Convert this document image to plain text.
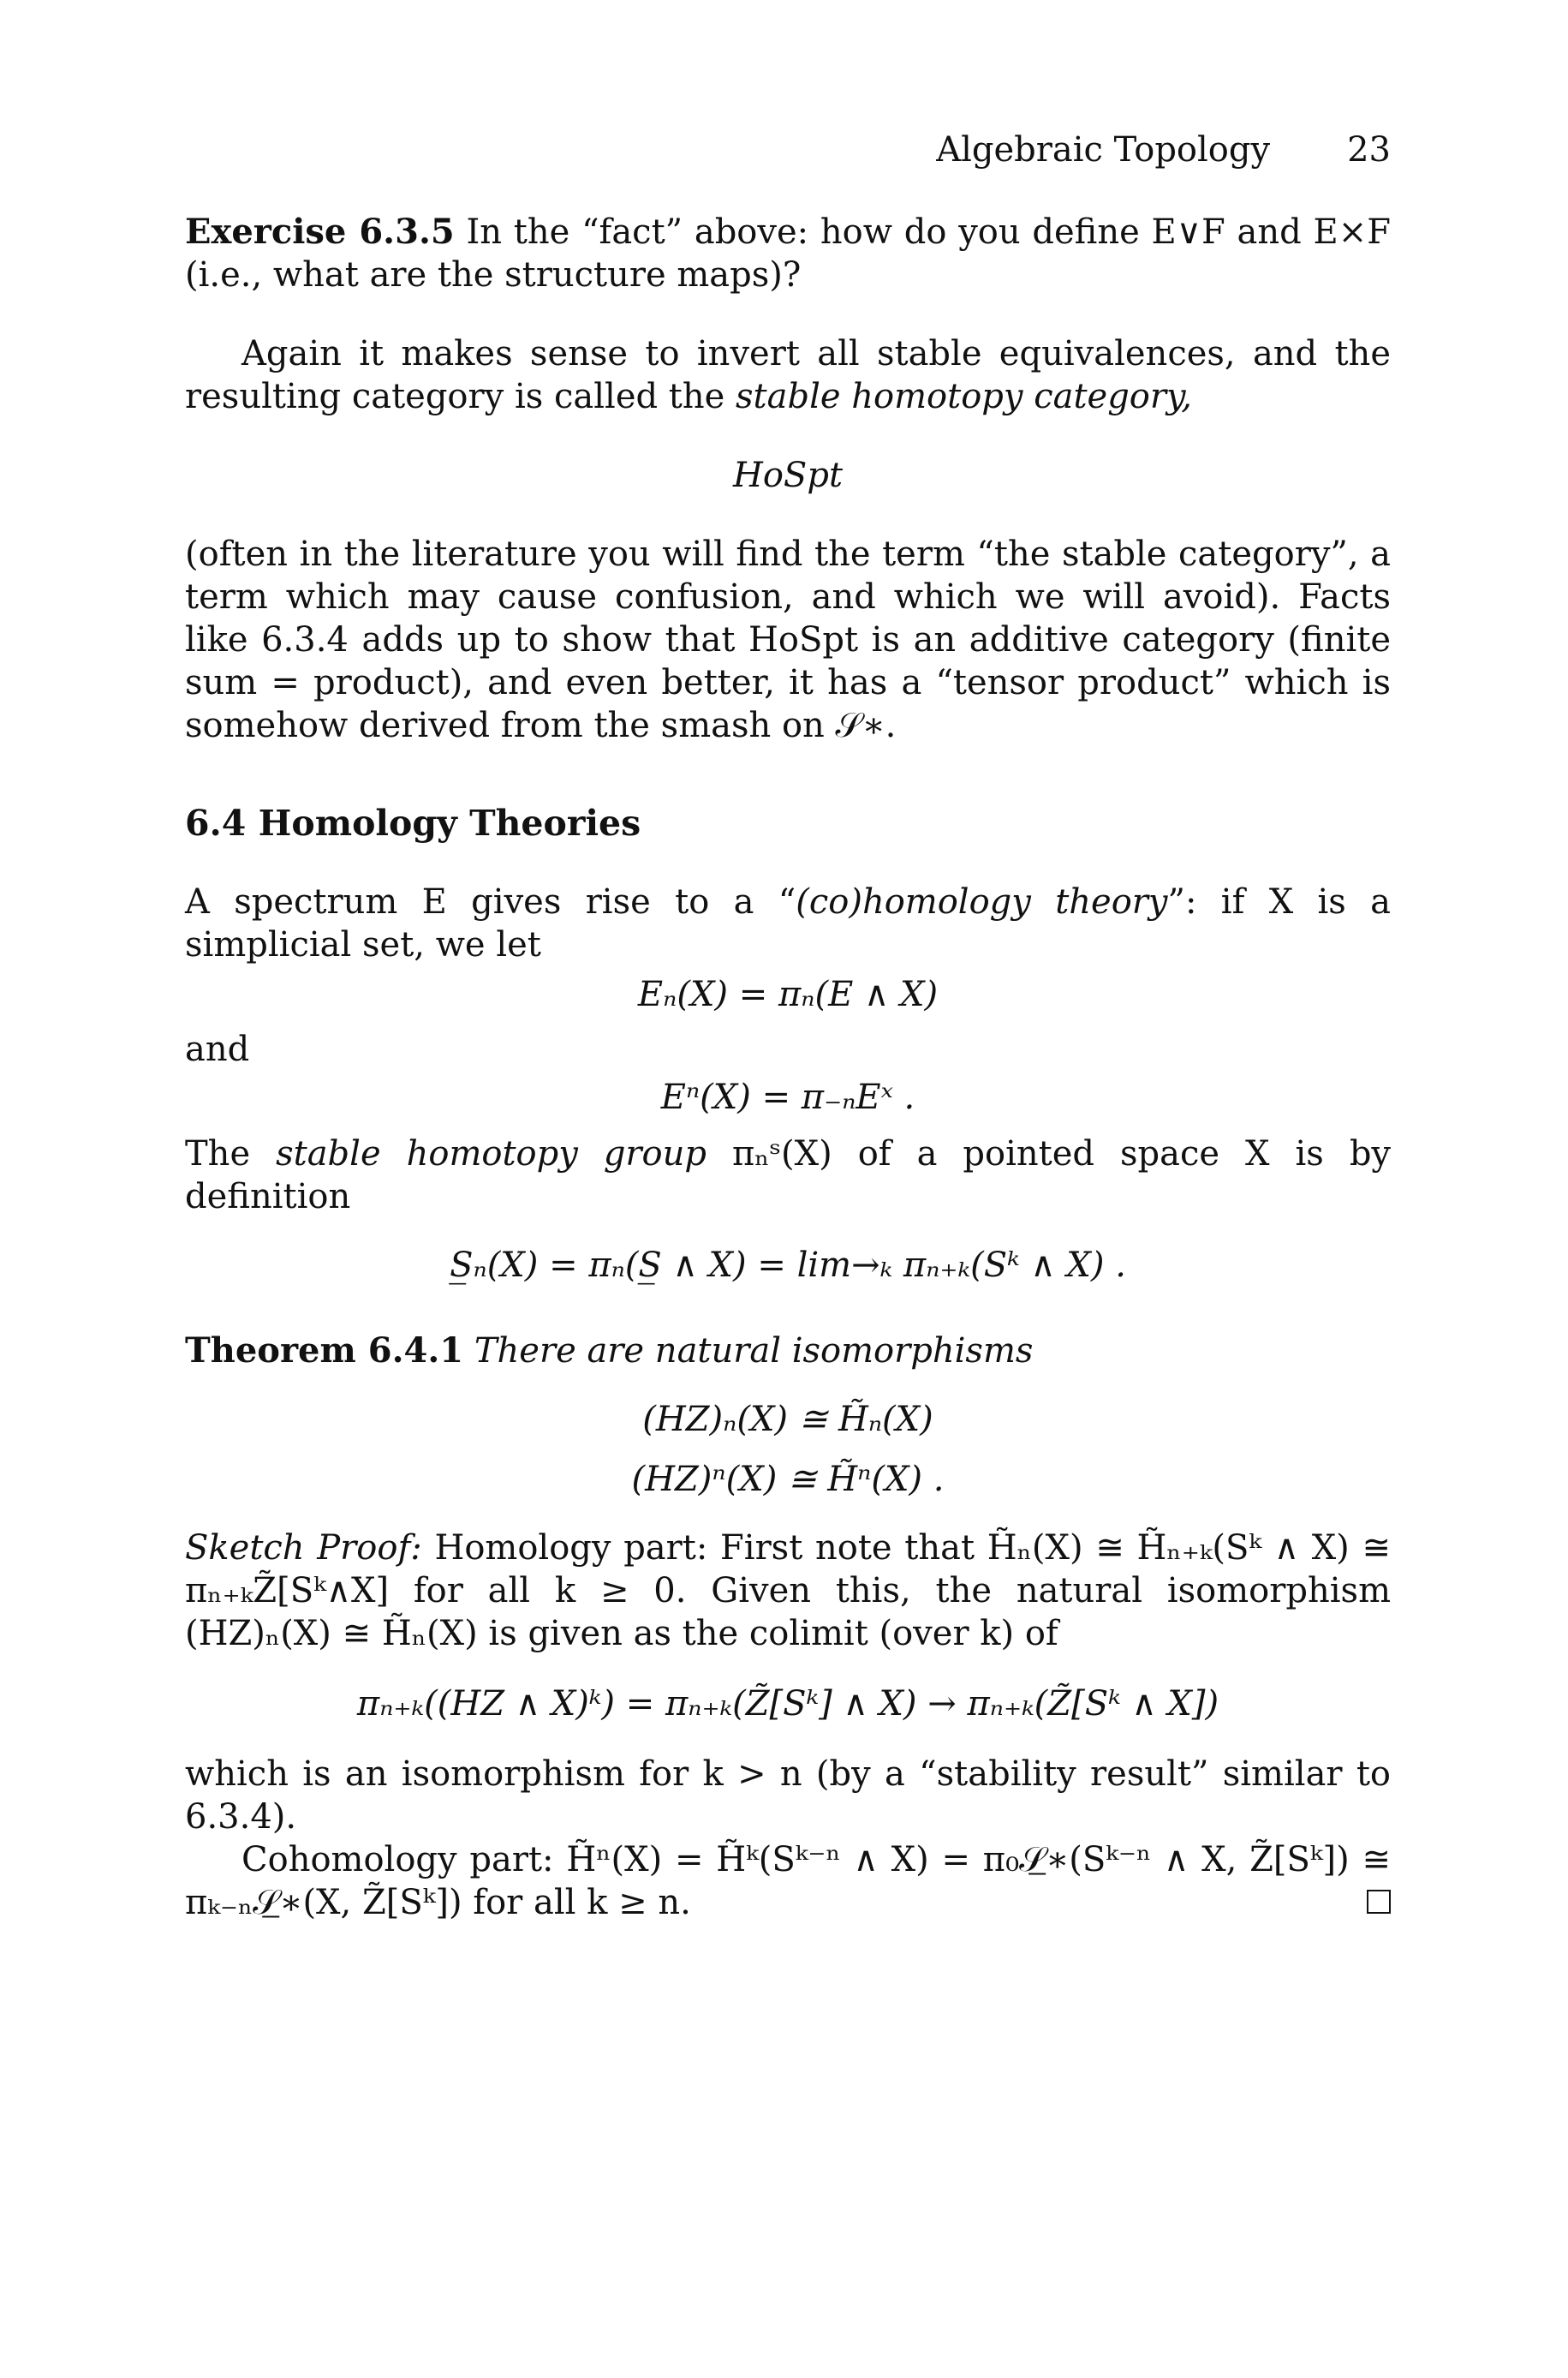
Algebraic Topology 23

Exercise 6.3.5 In the “fact” above: how do you define E∨F and E×F (i.e., what are the structure maps)?

Again it makes sense to invert all stable equivalences, and the resulting category is called the stable homotopy category,

HoSpt

(often in the literature you will find the term “the stable category”, a term which may cause confusion, and which we will avoid). Facts like 6.3.4 adds up to show that HoSpt is an additive category (finite sum = product), and even better, it has a “tensor product” which is somehow derived from the smash on 𝒮∗.

6.4 Homology Theories

A spectrum E gives rise to a “(co)homology theory”: if X is a simplicial set, we let

Eₙ(X) = πₙ(E ∧ X)
and
Eⁿ(X) = π₋ₙEˣ .

The stable homotopy group πₙˢ(X) of a pointed space X is by definition

S̲ₙ(X) = πₙ(S̲ ∧ X) = lim→ₖ πₙ₊ₖ(Sᵏ ∧ X) .

Theorem 6.4.1 There are natural isomorphisms

(HZ)ₙ(X) ≅ H̃ₙ(X)
(HZ)ⁿ(X) ≅ H̃ⁿ(X) .

Sketch Proof: Homology part: First note that H̃ₙ(X) ≅ H̃ₙ₊ₖ(Sᵏ ∧ X) ≅ πₙ₊ₖZ̃[Sᵏ∧X] for all k ≥ 0. Given this, the natural isomorphism (HZ)ₙ(X) ≅ H̃ₙ(X) is given as the colimit (over k) of

πₙ₊ₖ((HZ ∧ X)ᵏ) = πₙ₊ₖ(Z̃[Sᵏ] ∧ X) → πₙ₊ₖ(Z̃[Sᵏ ∧ X])

which is an isomorphism for k > n (by a “stability result” similar to 6.3.4).

Cohomology part: H̃ⁿ(X) = H̃ᵏ(Sᵏ⁻ⁿ ∧ X) = π₀𝒮̲∗(Sᵏ⁻ⁿ ∧ X, Z̃[Sᵏ]) ≅ πₖ₋ₙ𝒮̲∗(X, Z̃[Sᵏ]) for all k ≥ n.
